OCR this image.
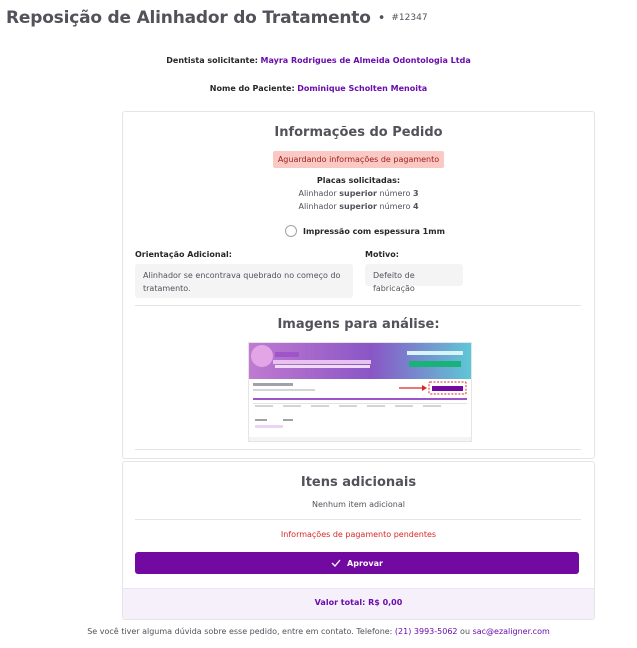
Reposição de Alinhador do Tratamento • #12347
Dentista solicitante: Mayra Rodrigues de Almeida Odontologia Ltda
Nome do Paciente: Dominique Scholten Menoita
Informações do Pedido
Aguardando informações de pagamento
Placas solicitadas:
Alinhador superior número 3
Alinhador superior número 4
Impressão com espessura 1mm
Orientação Adicional:
Alinhador se encontrava quebrado no começo do tratamento.
Motivo:
Defeito de fabricação
Imagens para análise:
Itens adicionais
Nenhum item adicional
Informações de pagamento pendentes
Aprovar
Valor total: R$ 0,00
Se você tiver alguma dúvida sobre esse pedido, entre em contato. Telefone: (21) 3993-5062 ou sac@ezaligner.com
